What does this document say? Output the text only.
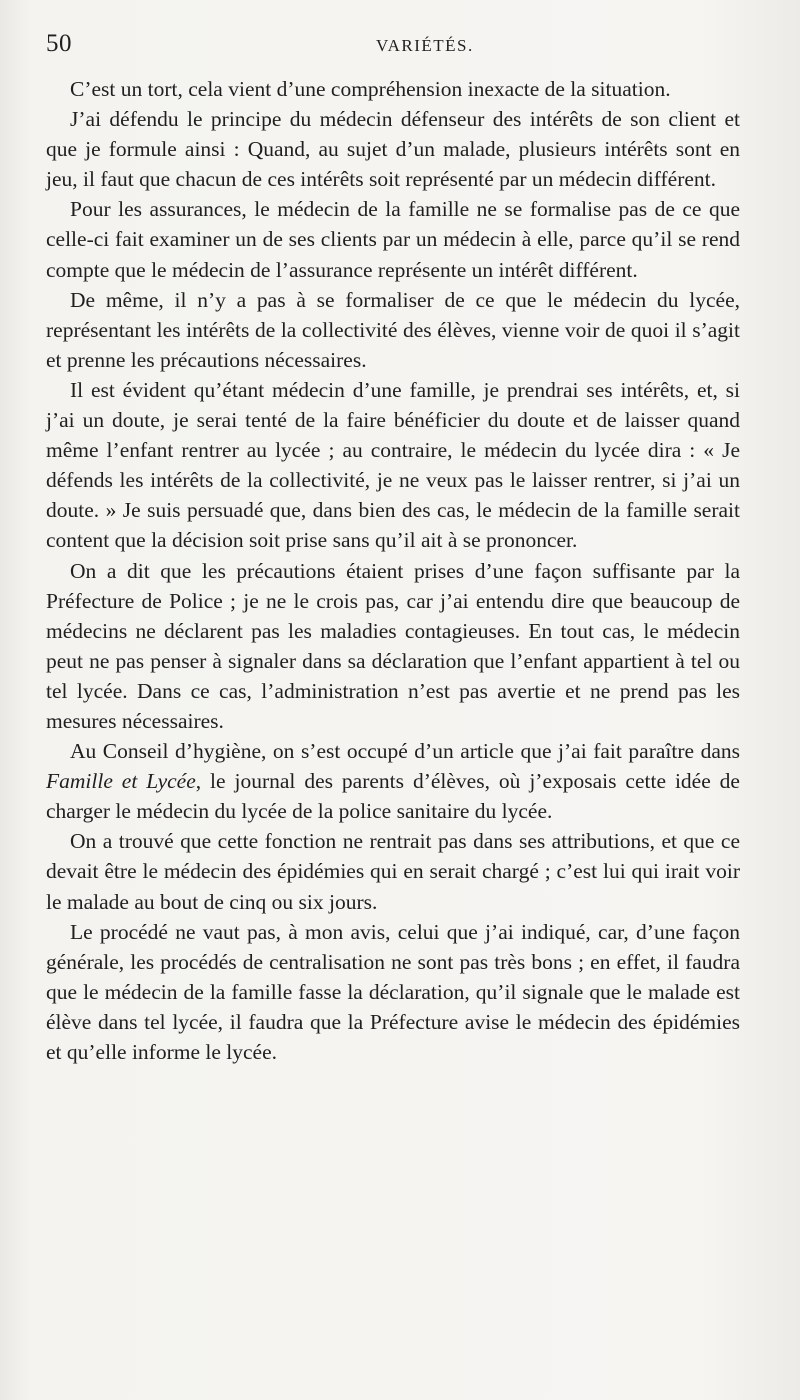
50	VARIÉTÉS.

C’est un tort, cela vient d’une compréhension inexacte de la situation.

J’ai défendu le principe du médecin défenseur des intérêts de son client et que je formule ainsi : Quand, au sujet d’un malade, plusieurs intérêts sont en jeu, il faut que chacun de ces intérêts soit représenté par un médecin différent.

Pour les assurances, le médecin de la famille ne se formalise pas de ce que celle-ci fait examiner un de ses clients par un médecin à elle, parce qu’il se rend compte que le médecin de l’assurance représente un intérêt différent.

De même, il n’y a pas à se formaliser de ce que le médecin du lycée, représentant les intérêts de la collectivité des élèves, vienne voir de quoi il s’agit et prenne les précautions nécessaires.

Il est évident qu’étant médecin d’une famille, je prendrai ses intérêts, et, si j’ai un doute, je serai tenté de la faire bénéficier du doute et de laisser quand même l’enfant rentrer au lycée ; au contraire, le médecin du lycée dira : « Je défends les intérêts de la collectivité, je ne veux pas le laisser rentrer, si j’ai un doute. » Je suis persuadé que, dans bien des cas, le médecin de la famille serait content que la décision soit prise sans qu’il ait à se prononcer.

On a dit que les précautions étaient prises d’une façon suffisante par la Préfecture de Police ; je ne le crois pas, car j’ai entendu dire que beaucoup de médecins ne déclarent pas les maladies contagieuses. En tout cas, le médecin peut ne pas penser à signaler dans sa déclaration que l’enfant appartient à tel ou tel lycée. Dans ce cas, l’administration n’est pas avertie et ne prend pas les mesures nécessaires.

Au Conseil d’hygiène, on s’est occupé d’un article que j’ai fait paraître dans Famille et Lycée, le journal des parents d’élèves, où j’exposais cette idée de charger le médecin du lycée de la police sanitaire du lycée.

On a trouvé que cette fonction ne rentrait pas dans ses attributions, et que ce devait être le médecin des épidémies qui en serait chargé ; c’est lui qui irait voir le malade au bout de cinq ou six jours.

Le procédé ne vaut pas, à mon avis, celui que j’ai indiqué, car, d’une façon générale, les procédés de centralisation ne sont pas très bons ; en effet, il faudra que le médecin de la famille fasse la déclaration, qu’il signale que le malade est élève dans tel lycée, il faudra que la Préfecture avise le médecin des épidémies et qu’elle informe le lycée.
